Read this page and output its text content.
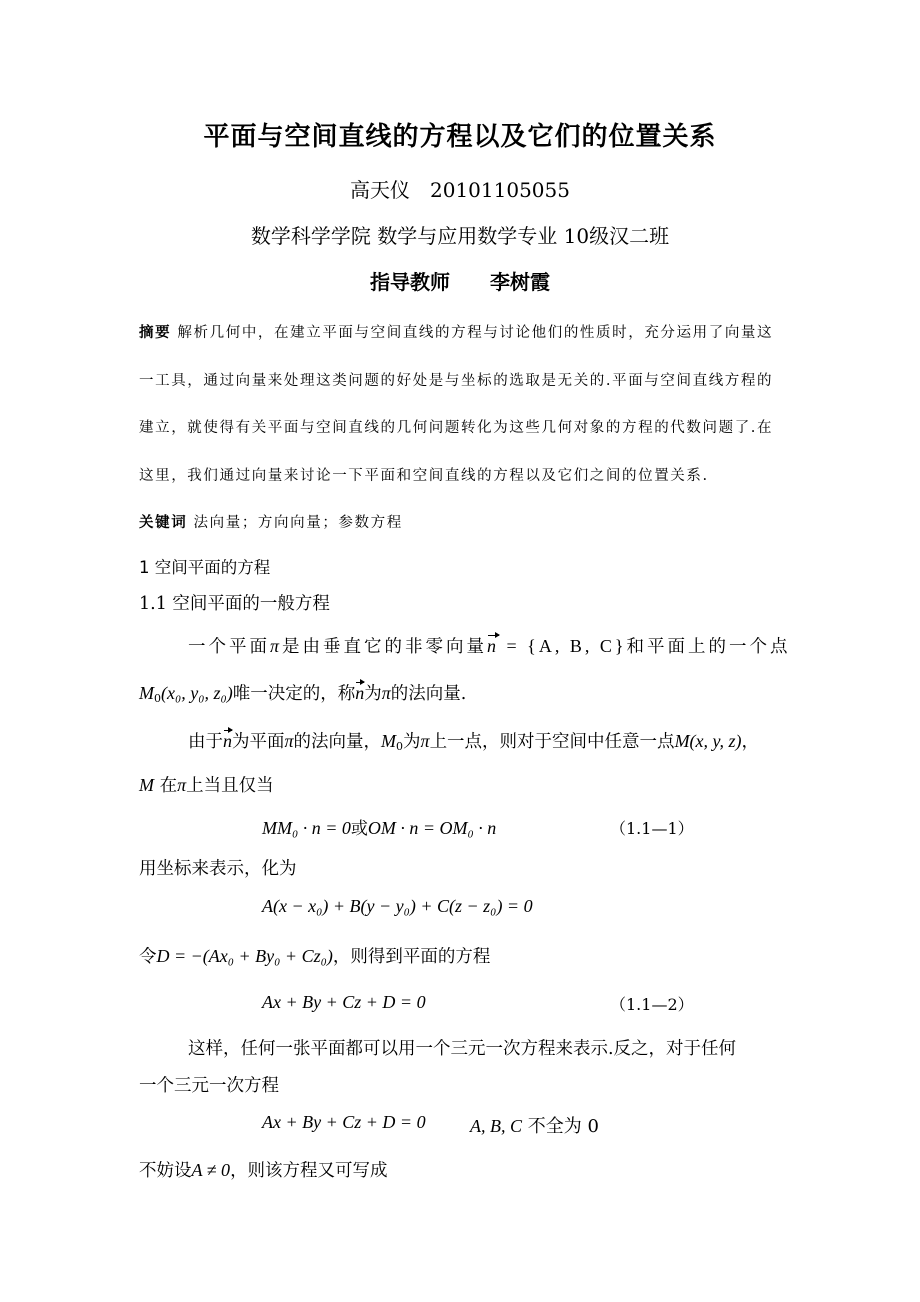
平面与空间直线的方程以及它们的位置关系
高天仪　20101105055
数学科学学院 数学与应用数学专业 10级汉二班
指导教师　　李树霞
摘要 解析几何中，在建立平面与空间直线的方程与讨论他们的性质时，充分运用了向量这
一工具，通过向量来处理这类问题的好处是与坐标的选取是无关的.平面与空间直线方程的
建立，就使得有关平面与空间直线的几何问题转化为这些几何对象的方程的代数问题了.在
这里，我们通过向量来讨论一下平面和空间直线的方程以及它们之间的位置关系.
关键词 法向量；方向向量；参数方程
1 空间平面的方程
1.1 空间平面的一般方程
一个平面π是由垂直它的非零向量n = {A, B, C}和平面上的一个点
$M_0(x_0$, y₀, z₀)唯一决定的，称n为π的法向量.
由于n为平面π的法向量，$M_0$为π上一点，则对于空间中任意一点M(x, y, z)，
M 在π上当且仅当
MM₀ · n = 0或OM · n = OM₀ · n	（1.1—1）
用坐标来表示，化为
A(x − x₀) + B(y − y₀) + C(z − z₀) = 0
令D = −(Ax₀ + By₀ + Cz₀)，则得到平面的方程
Ax + By + Cz + D = 0	（1.1—2）
这样，任何一张平面都可以用一个三元一次方程来表示.反之，对于任何
一个三元一次方程
Ax + By + Cz + D = 0 A, B, C 不全为 0
不妨设A ≠ 0，则该方程又可写成
